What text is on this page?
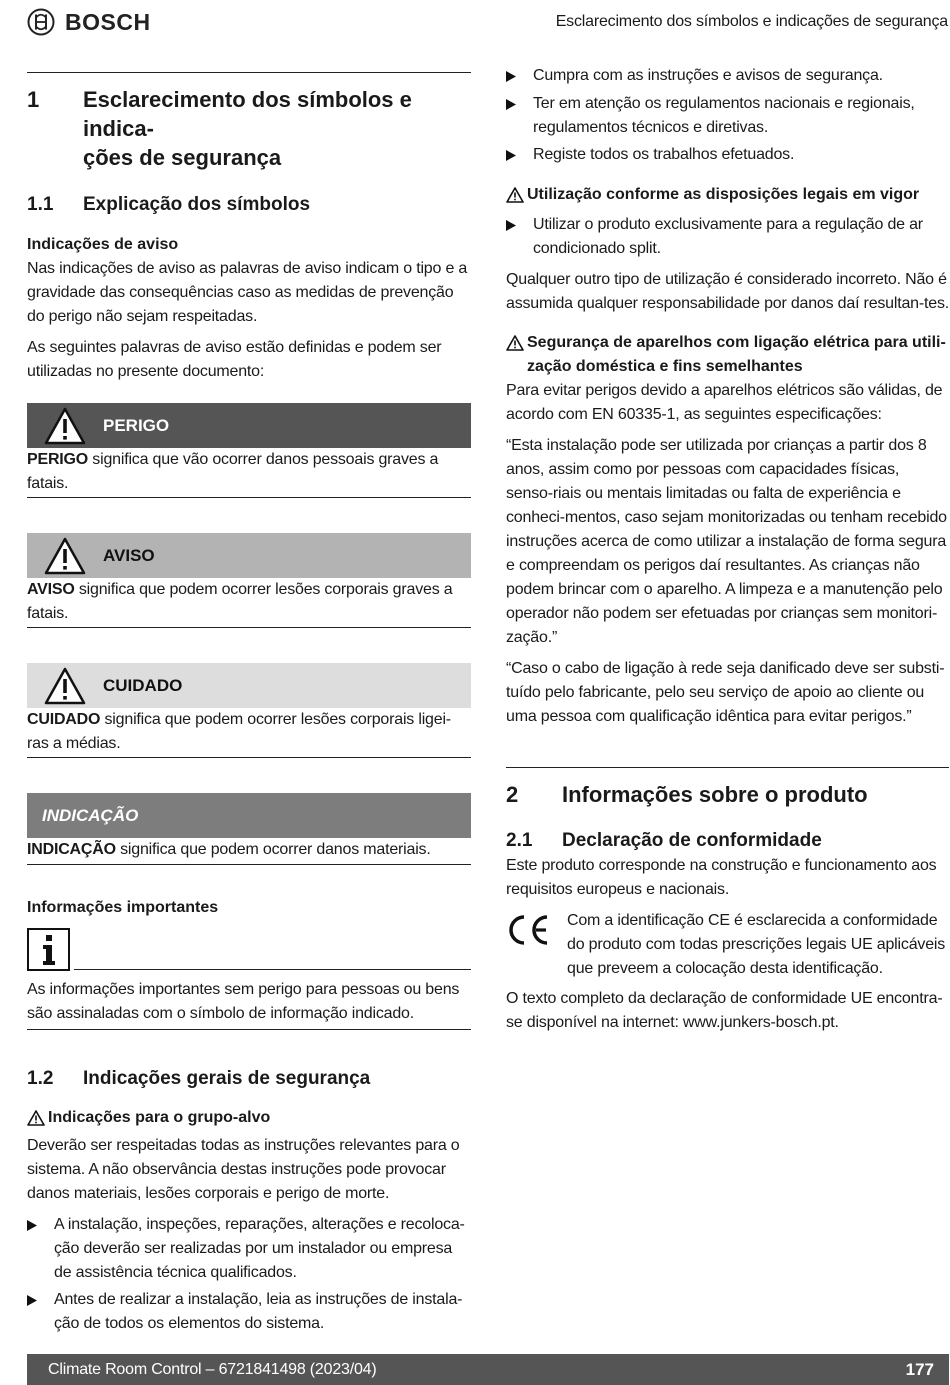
BOSCH	Esclarecimento dos símbolos e indicações de segurança
1	Esclarecimento dos símbolos e indica-
ções de segurança
1.1	Explicação dos símbolos
Indicações de aviso

Nas indicações de aviso as palavras de aviso indicam o tipo e a gravidade das consequências caso as medidas de prevenção do perigo não sejam respeitadas.

As seguintes palavras de aviso estão definidas e podem ser utilizadas no presente documento:

PERIGO

PERIGO significa que vão ocorrer danos pessoais graves a fatais.

AVISO

AVISO significa que podem ocorrer lesões corporais graves a fatais.

CUIDADO

CUIDADO significa que podem ocorrer lesões corporais ligei-ras a médias.

INDICAÇÃO

INDICAÇÃO significa que podem ocorrer danos materiais.

Informações importantes

As informações importantes sem perigo para pessoas ou bens são assinaladas com o símbolo de informação indicado.

1.2	Indicações gerais de segurança
Indicações para o grupo-alvo

Deverão ser respeitadas todas as instruções relevantes para o sistema. A não observância destas instruções pode provocar danos materiais, lesões corporais e perigo de morte.

A instalação, inspeções, reparações, alterações e recoloca-ção deverão ser realizadas por um instalador ou empresa de assistência técnica qualificados.
Antes de realizar a instalação, leia as instruções de instala-ção de todos os elementos do sistema.
Cumpra com as instruções e avisos de segurança.
Ter em atenção os regulamentos nacionais e regionais, regulamentos técnicos e diretivas.
Registe todos os trabalhos efetuados.
Utilização conforme as disposições legais em vigor
Utilizar o produto exclusivamente para a regulação de ar condicionado split.

Qualquer outro tipo de utilização é considerado incorreto. Não é assumida qualquer responsabilidade por danos daí resultan-tes.

Segurança de aparelhos com ligação elétrica para utili-zação doméstica e fins semelhantes

Para evitar perigos devido a aparelhos elétricos são válidas, de acordo com EN 60335-1, as seguintes especificações:

“Esta instalação pode ser utilizada por crianças a partir dos 8 anos, assim como por pessoas com capacidades físicas, senso-riais ou mentais limitadas ou falta de experiência e conheci-mentos, caso sejam monitorizadas ou tenham recebido instruções acerca de como utilizar a instalação de forma segura e compreendam os perigos daí resultantes. As crianças não podem brincar com o aparelho. A limpeza e a manutenção pelo operador não podem ser efetuadas por crianças sem monitori-zação.”

“Caso o cabo de ligação à rede seja danificado deve ser substi-tuído pelo fabricante, pelo seu serviço de apoio ao cliente ou uma pessoa com qualificação idêntica para evitar perigos.”

2	Informações sobre o produto
2.1	Declaração de conformidade

Este produto corresponde na construção e funcionamento aos requisitos europeus e nacionais.

Com a identificação CE é esclarecida a conformidade do produto com todas prescrições legais UE aplicáveis que preveem a colocação desta identificação.

O texto completo da declaração de conformidade UE encontra-se disponível na internet: www.junkers-bosch.pt.

Climate Room Control – 6721841498 (2023/04)	177
